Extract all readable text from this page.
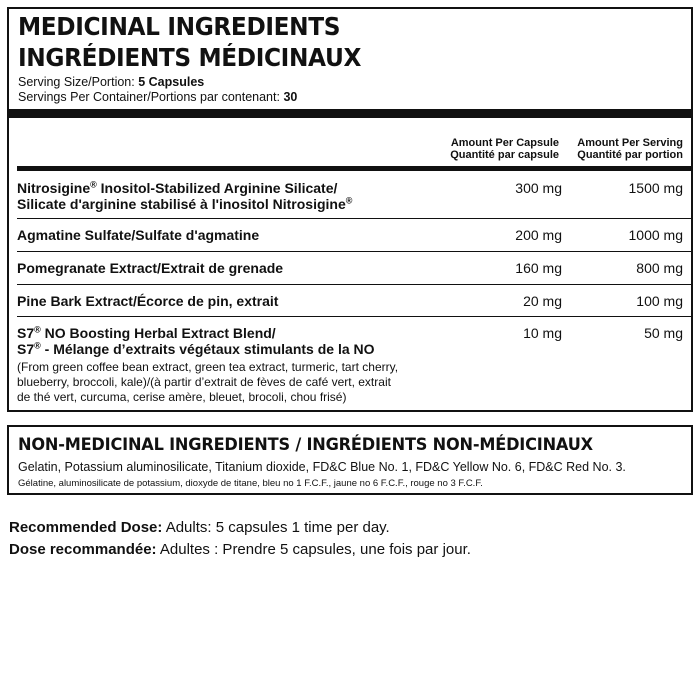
MEDICINAL INGREDIENTS
INGRÉDIENTS MÉDICINAUX
Serving Size/Portion: 5 Capsules
Servings Per Container/Portions par contenant: 30
Amount Per Capsule
Quantité par capsule
Amount Per Serving
Quantité par portion
Nitrosigine® Inositol-Stabilized Arginine Silicate/
Silicate d'arginine stabilisé à l'inositol Nitrosigine®
300 mg	1500 mg
Agmatine Sulfate/Sulfate d'agmatine	200 mg	1000 mg
Pomegranate Extract/Extrait de grenade	160 mg	800 mg
Pine Bark Extract/Écorce de pin, extrait	20 mg	100 mg
S7® NO Boosting Herbal Extract Blend/
S7® - Mélange d’extraits végétaux stimulants de la NO
10 mg	50 mg
(From green coffee bean extract, green tea extract, turmeric, tart cherry,
blueberry, broccoli, kale)/(à partir d’extrait de fèves de café vert, extrait
de thé vert, curcuma, cerise amère, bleuet, brocoli, chou frisé)
NON-MEDICINAL INGREDIENTS / INGRÉDIENTS NON-MÉDICINAUX
Gelatin, Potassium aluminosilicate, Titanium dioxide, FD&C Blue No. 1, FD&C Yellow No. 6, FD&C Red No. 3.
Gélatine, aluminosilicate de potassium, dioxyde de titane, bleu no 1 F.C.F., jaune no 6 F.C.F., rouge no 3 F.C.F.
Recommended Dose: Adults: 5 capsules 1 time per day.
Dose recommandée: Adultes : Prendre 5 capsules, une fois par jour.
